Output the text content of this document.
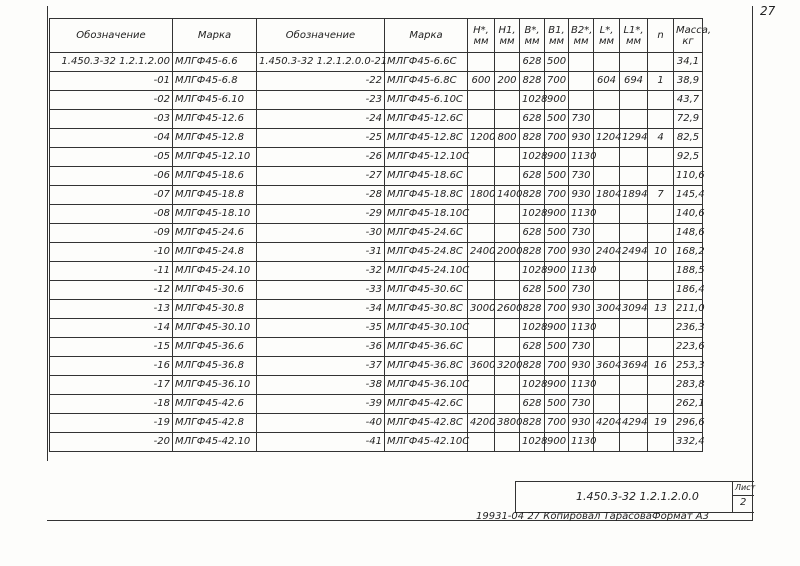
27
Обозначение	Марка	Обозначение	Марка	H*, мм	H1, мм	B*, мм	B1, мм	B2*, мм	L*, мм	L1*, мм	n	Масса, кг
1.450.3-32 1.2.1.2.00	МЛГФ45-6.6	1.450.3-32 1.2.1.2.0.0-21	МЛГФ45-6.6С			628	500					34,1
-01	МЛГФ45-6.8	-22	МЛГФ45-6.8С	600	200	828	700		604	694	1	38,9
-02	МЛГФ45-6.10	-23	МЛГФ45-6.10С			1028	900					43,7
-03	МЛГФ45-12.6	-24	МЛГФ45-12.6С			628	500	730				72,9
-04	МЛГФ45-12.8	-25	МЛГФ45-12.8С	1200	800	828	700	930	1204	1294	4	82,5
-05	МЛГФ45-12.10	-26	МЛГФ45-12.10С			1028	900	1130				92,5
-06	МЛГФ45-18.6	-27	МЛГФ45-18.6С			628	500	730				110,6
-07	МЛГФ45-18.8	-28	МЛГФ45-18.8С	1800	1400	828	700	930	1804	1894	7	145,4
-08	МЛГФ45-18.10	-29	МЛГФ45-18.10С			1028	900	1130				140,6
-09	МЛГФ45-24.6	-30	МЛГФ45-24.6С			628	500	730				148,6
-10	МЛГФ45-24.8	-31	МЛГФ45-24.8С	2400	2000	828	700	930	2404	2494	10	168,2
-11	МЛГФ45-24.10	-32	МЛГФ45-24.10С			1028	900	1130				188,5
-12	МЛГФ45-30.6	-33	МЛГФ45-30.6С			628	500	730				186,4
-13	МЛГФ45-30.8	-34	МЛГФ45-30.8С	3000	2600	828	700	930	3004	3094	13	211,0
-14	МЛГФ45-30.10	-35	МЛГФ45-30.10С			1028	900	1130				236,3
-15	МЛГФ45-36.6	-36	МЛГФ45-36.6С			628	500	730				223,6
-16	МЛГФ45-36.8	-37	МЛГФ45-36.8С	3600	3200	828	700	930	3604	3694	16	253,3
-17	МЛГФ45-36.10	-38	МЛГФ45-36.10С			1028	900	1130				283,8
-18	МЛГФ45-42.6	-39	МЛГФ45-42.6С			628	500	730				262,1
-19	МЛГФ45-42.8	-40	МЛГФ45-42.8С	4200	3800	828	700	930	4204	4294	19	296,6
-20	МЛГФ45-42.10	-41	МЛГФ45-42.10С			1028	900	1130				332,4
1.450.3-32 1.2.1.2.0.0
Лист
2
19931-04 27 Копировал Тарасова Формат А3
